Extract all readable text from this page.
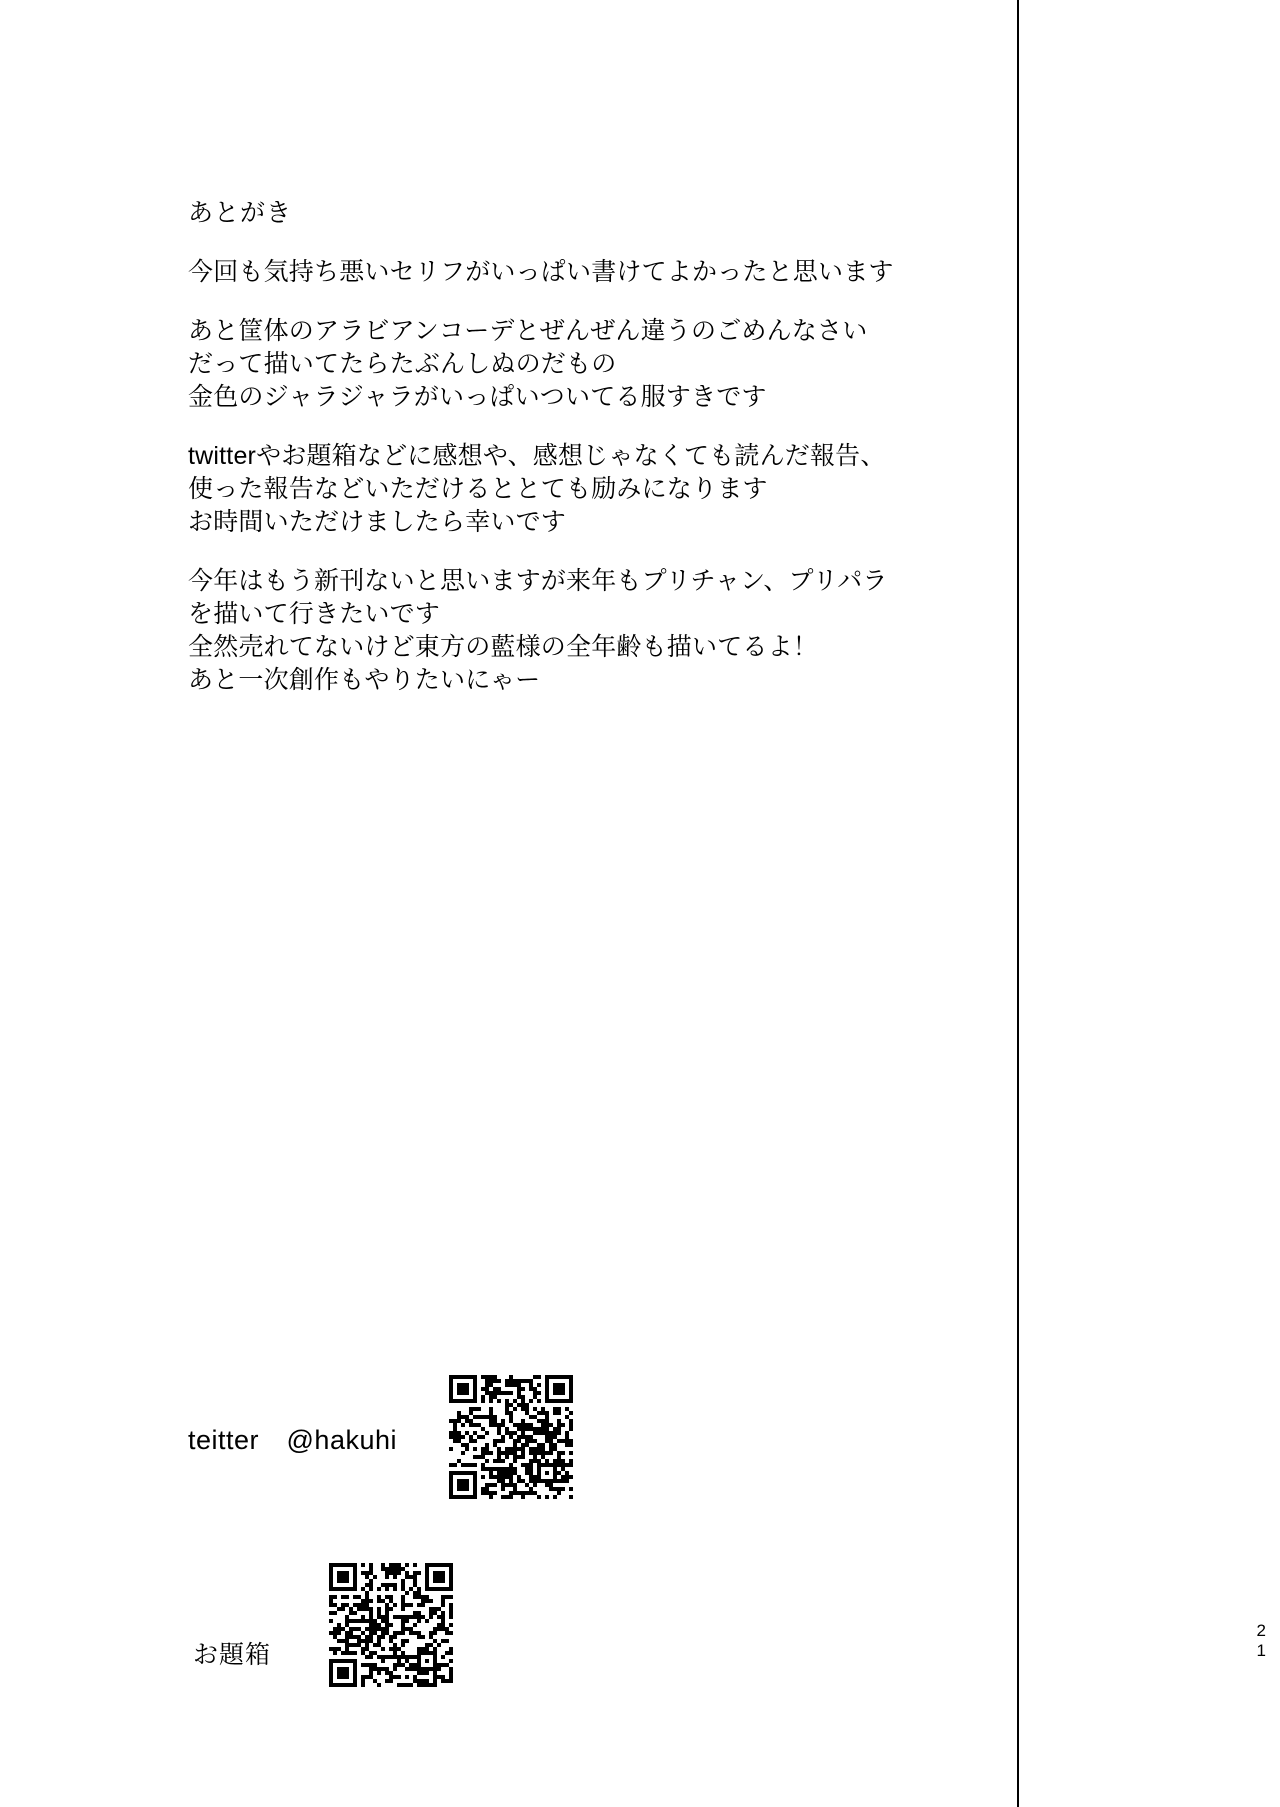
あとがき
今回も気持ち悪いセリフがいっぱい書けてよかったと思います
あと筐体のアラビアンコーデとぜんぜん違うのごめんなさい
だって描いてたらたぶんしぬのだもの
金色のジャラジャラがいっぱいついてる服すきです
twitterやお題箱などに感想や、感想じゃなくても読んだ報告、
使った報告などいただけるととても励みになります
お時間いただけましたら幸いです
今年はもう新刊ないと思いますが来年もプリチャン、プリパラ
を描いて行きたいです
全然売れてないけど東方の藍様の全年齢も描いてるよ！
あと一次創作もやりたいにゃー
teitter　@hakuhi
お題箱
2
1
